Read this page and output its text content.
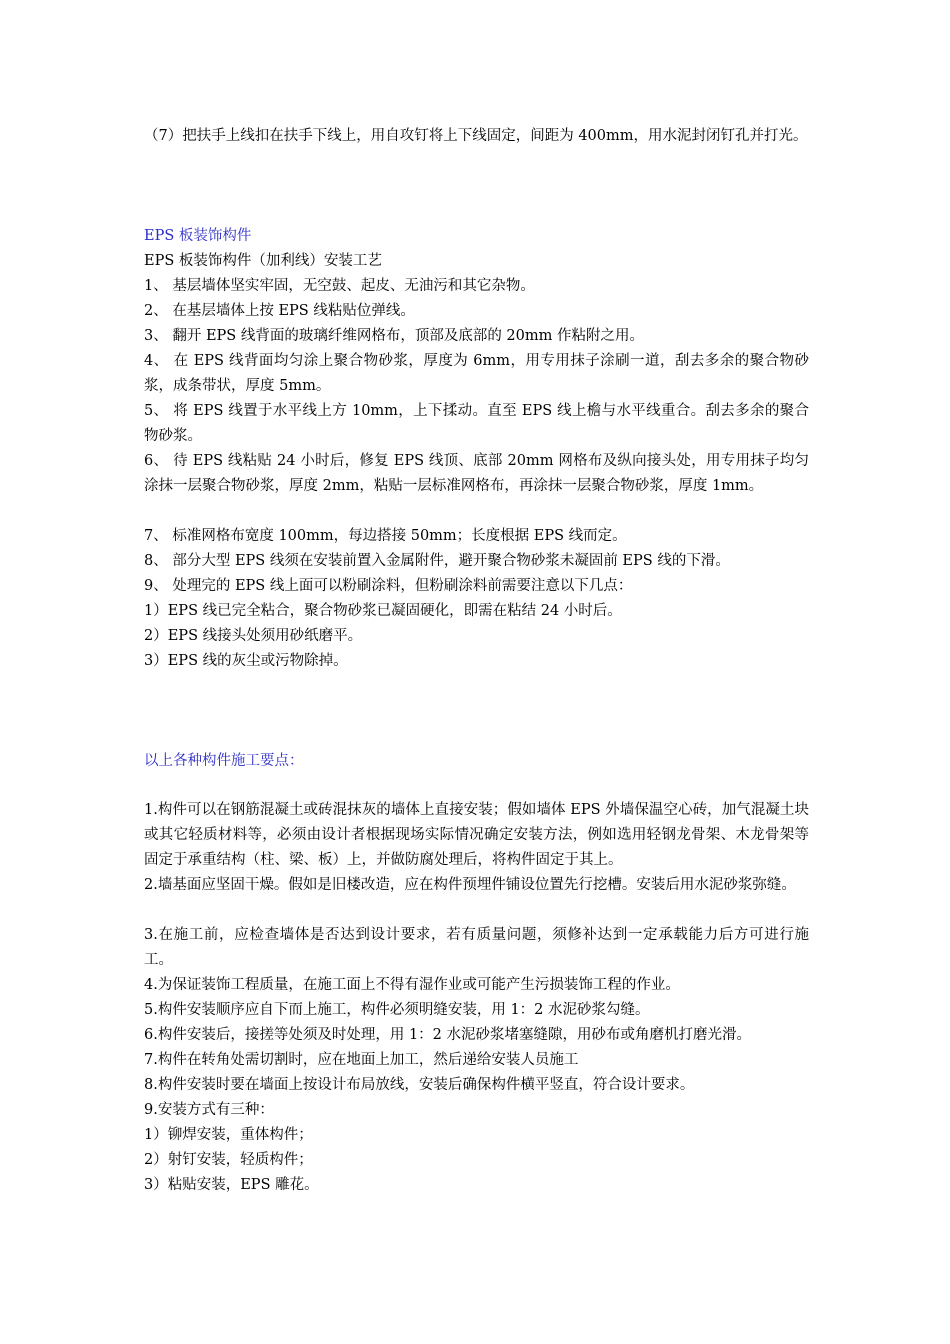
（7）把扶手上线扣在扶手下线上，用自攻钉将上下线固定，间距为 400mm，用水泥封闭钉孔并打光。

EPS 板装饰构件

EPS 板装饰构件（加利线）安装工艺

1、 基层墙体坚实牢固，无空鼓、起皮、无油污和其它杂物。

2、 在基层墙体上按 EPS 线粘贴位弹线。

3、 翻开 EPS 线背面的玻璃纤维网格布，顶部及底部的 20mm 作粘附之用。

4、 在 EPS 线背面均匀涂上聚合物砂浆，厚度为 6mm，用专用抹子涂刷一道，刮去多余的聚合物砂浆，成条带状，厚度 5mm。

5、 将 EPS 线置于水平线上方 10mm，上下揉动。直至 EPS 线上檐与水平线重合。刮去多余的聚合物砂浆。

6、 待 EPS 线粘贴 24 小时后，修复 EPS 线顶、底部 20mm 网格布及纵向接头处，用专用抹子均匀涂抹一层聚合物砂浆，厚度 2mm，粘贴一层标准网格布，再涂抹一层聚合物砂浆，厚度 1mm。

7、 标准网格布宽度 100mm，每边搭接 50mm；长度根据 EPS 线而定。

8、 部分大型 EPS 线须在安装前置入金属附件，避开聚合物砂浆未凝固前 EPS 线的下滑。

9、 处理完的 EPS 线上面可以粉刷涂料，但粉刷涂料前需要注意以下几点：

1）EPS 线已完全粘合，聚合物砂浆已凝固硬化，即需在粘结 24 小时后。

2）EPS 线接头处须用砂纸磨平。

3）EPS 线的灰尘或污物除掉。

以上各种构件施工要点：

1.构件可以在钢筋混凝土或砖混抹灰的墙体上直接安装；假如墙体 EPS 外墙保温空心砖，加气混凝土块或其它轻质材料等，必须由设计者根据现场实际情况确定安装方法，例如选用轻钢龙骨架、木龙骨架等固定于承重结构（柱、梁、板）上，并做防腐处理后，将构件固定于其上。

2.墙基面应坚固干燥。假如是旧楼改造，应在构件预埋件铺设位置先行挖槽。安装后用水泥砂浆弥缝。

3.在施工前，应检查墙体是否达到设计要求，若有质量问题，须修补达到一定承载能力后方可进行施工。

4.为保证装饰工程质量，在施工面上不得有湿作业或可能产生污损装饰工程的作业。

5.构件安装顺序应自下而上施工，构件必须明缝安装，用 1：2 水泥砂浆勾缝。

6.构件安装后，接搓等处须及时处理，用 1：2 水泥砂浆堵塞缝隙，用砂布或角磨机打磨光滑。

7.构件在转角处需切割时，应在地面上加工，然后递给安装人员施工

8.构件安装时要在墙面上按设计布局放线，安装后确保构件横平竖直，符合设计要求。

9.安装方式有三种：

1）铆焊安装，重体构件；

2）射钉安装，轻质构件；

3）粘贴安装，EPS 雕花。
